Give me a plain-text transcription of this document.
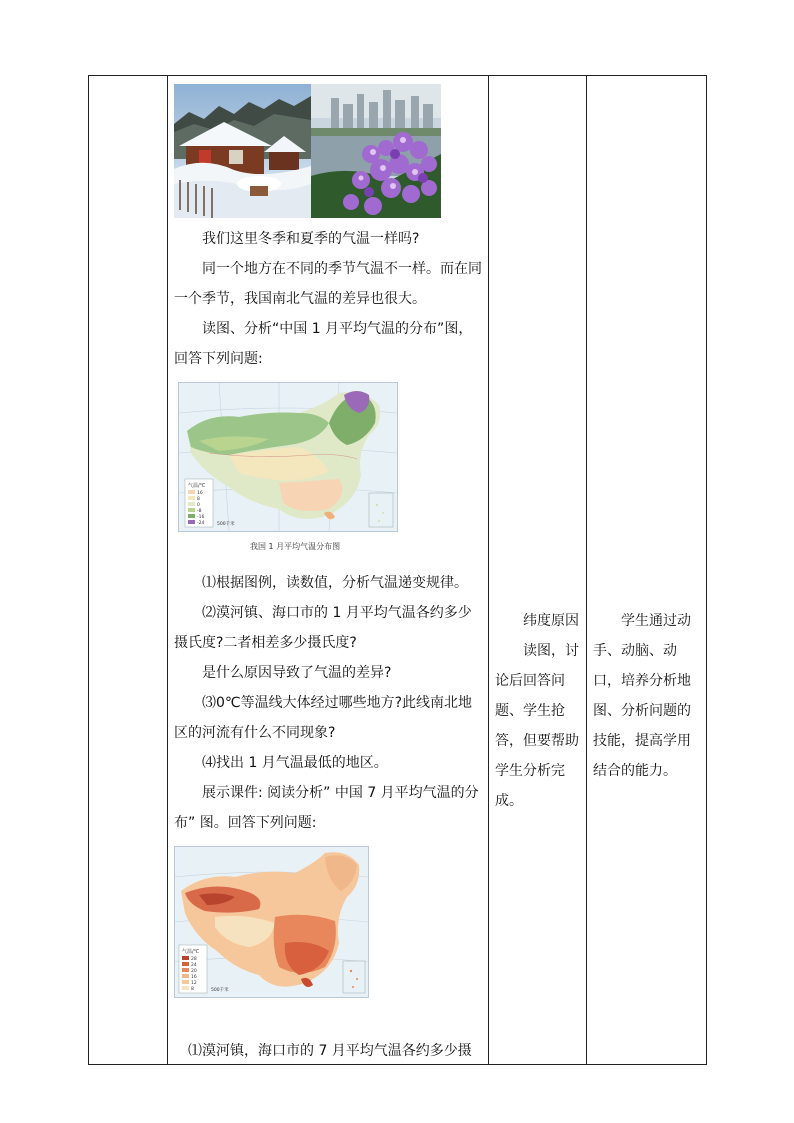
我们这里冬季和夏季的气温一样吗?

同一个地方在不同的季节气温不一样。而在同一个季节，我国南北气温的差异也很大。

读图、分析“中国 1 月平均气温的分布”图，回答下列问题:

气温/℃
16
8
0
-8
-16
-24	500千米
我国 1 月平均气温分布图

⑴根据图例，读数值，分析气温递变规律。

⑵漠河镇、海口市的 1 月平均气温各约多少摄氏度?二者相差多少摄氏度?

是什么原因导致了气温的差异?

⑶0℃等温线大体经过哪些地方?此线南北地区的河流有什么不同现象?

⑷找出 1 月气温最低的地区。

展示课件: 阅读分析” 中国 7 月平均气温的分布” 图。回答下列问题:

气温/℃
28
24
20
16
12
8	500千米

⑴漠河镇，海口市的 7 月平均气温各约多少摄

纬度原因
读图，讨论后回答问题、学生抢答，但要帮助学生分析完成。
学生通过动手、动脑、动口，培养分析地图、分析问题的技能，提高学用结合的能力。
